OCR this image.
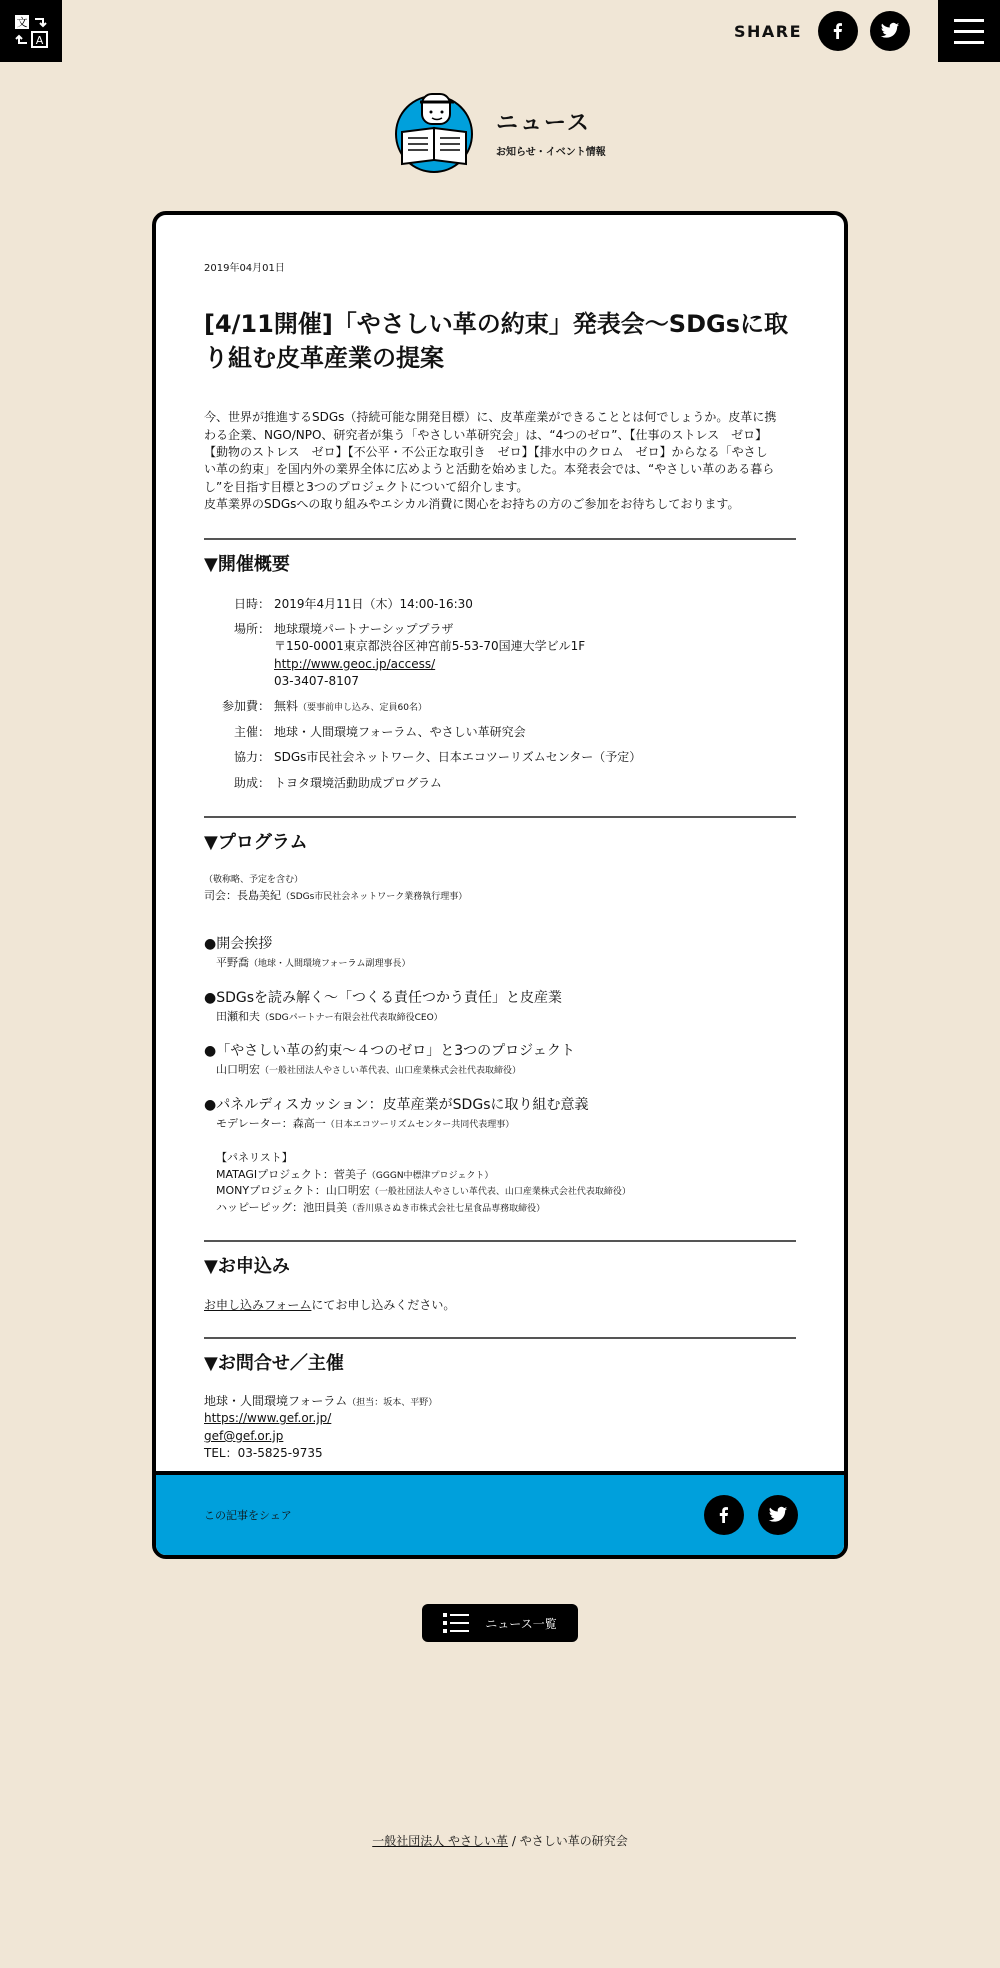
文
A	SHARE
ニュース

お知らせ・イベント情報

2019年04月01日
[4/11開催]「やさしい革の約束」発表会〜SDGsに取り組む皮革産業の提案
今、世界が推進するSDGs（持続可能な開発目標）に、皮革産業ができることとは何でしょうか。皮革に携
わる企業、NGO/NPO、研究者が集う「やさしい革研究会」は、“4つのゼロ”、【仕事のストレス　ゼロ】
【動物のストレス　ゼロ】【不公平・不公正な取引き　ゼロ】【排水中のクロム　ゼロ】からなる「やさし
い革の約束」を国内外の業界全体に広めようと活動を始めました。本発表会では、“やさしい革のある暮ら
し”を目指す目標と3つのプロジェクトについて紹介します。
皮革業界のSDGsへの取り組みやエシカル消費に関心をお持ちの方のご参加をお待ちしております。
▼開催概要
日時 ： 2019年4月11日（木）14:00-16:30
場所 ： 地球環境パートナーシッププラザ
〒150-0001東京都渋谷区神宮前5-53-70国連大学ビル1F
http://www.geoc.jp/access/
03-3407-8107
参加費 ： 無料（要事前申し込み、定員60名）
主催 ： 地球・人間環境フォーラム、やさしい革研究会
協力 ： SDGs市民社会ネットワーク、日本エコツーリズムセンター（予定）
助成 ： トヨタ環境活動助成プログラム
▼プログラム
（敬称略、予定を含む）
司会：長島美紀（SDGs市民社会ネットワーク業務執行理事）
●開会挨拶
平野喬（地球・人間環境フォーラム副理事長）
●SDGsを読み解く〜「つくる責任つかう責任」と皮産業
田瀬和夫（SDGパートナー有限会社代表取締役CEO）
●「やさしい革の約束〜４つのゼロ」と3つのプロジェクト
山口明宏（一般社団法人やさしい革代表、山口産業株式会社代表取締役）
●パネルディスカッション：皮革産業がSDGsに取り組む意義
モデレーター：森高一（日本エコツーリズムセンター共同代表理事）
【パネリスト】
MATAGIプロジェクト：菅美子（GGGN中標津プロジェクト）
MONYプロジェクト：山口明宏（一般社団法人やさしい革代表、山口産業株式会社代表取締役）
ハッピーピッグ：池田員美（香川県さぬき市株式会社七星食品専務取締役）
▼お申込み
お申し込みフォームにてお申し込みください。
▼お問合せ／主催
地球・人間環境フォーラム（担当：坂本、平野）
https://www.gef.or.jp/
gef@gef.or.jp
TEL：03-5825-9735
この記事をシェア
ニュース一覧
一般社団法人 やさしい革 / やさしい革の研究会
